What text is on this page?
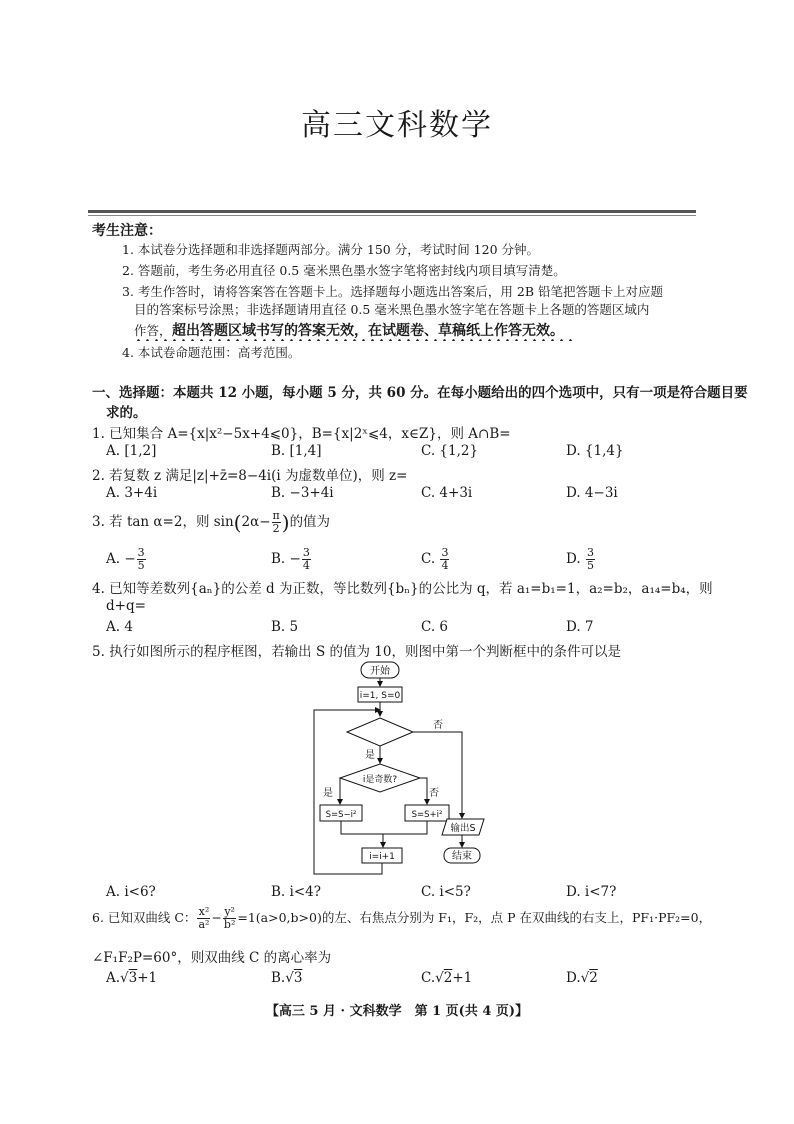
高三文科数学
考生注意：
1. 本试卷分选择题和非选择题两部分。满分 150 分，考试时间 120 分钟。
2. 答题前，考生务必用直径 0.5 毫米黑色墨水签字笔将密封线内项目填写清楚。
3. 考生作答时，请将答案答在答题卡上。选择题每小题选出答案后，用 2B 铅笔把答题卡上对应题
目的答案标号涂黑；非选择题请用直径 0.5 毫米黑色墨水签字笔在答题卡上各题的答题区域内
作答， 超出答题区域书写的答案无效，在试题卷、草稿纸上作答无效。
4. 本试卷命题范围：高考范围。
一、选择题：本题共 12 小题，每小题 5 分，共 60 分。在每小题给出的四个选项中，只有一项是符合题目要
求的。
1. 已知集合 A={x|x²−5x+4⩽0}，B={x|2ˣ⩽4，x∈Z}，则 A∩B=
A. [1,2]	B. [1,4]	C. {1,2}	D. {1,4}
2. 若复数 z 满足|z|+z̄=8−4i(i 为虚数单位)，则 z=
A. 3+4i	B. −3+4i	C. 4+3i	D. 4−3i
3. 若 tan α=2，则 $\sin(2\alpha- \frac{\pi}{2}$ )的值为
A. − $\frac{3}{5}$	B. − $\frac{3}{4}$	C. $\frac{3}{4}$	D. $\frac{3}{5}$
4. 已知等差数列{aₙ}的公差 d 为正数，等比数列{bₙ}的公比为 q，若 a₁=b₁=1，a₂=b₂，a₁₄=b₄，则
d+q=
A. 4	B. 5	C. 6	D. 7
5. 执行如图所示的程序框图，若输出 S 的值为 10，则图中第一个判断框中的条件可以是
开始
i=1, S=0
是
否
i是奇数?
是	否
S=S−i²	S=S+i²
i=i+1
输出S
结束
A. i<6?	B. i<4?	C. i<5?	D. i<7?
6. 已知双曲线 C： $\frac{\text{x²}}{\text{a²}} - \frac{\text{y²}}{\text{b²}} =1(a>0,b>0)$的左、右焦点分别为 F₁，F₂，点 P 在双曲线的右支上，PF₁·PF₂=0，
∠F₁F₂P=60°，则双曲线 C 的离心率为
A.√3+1	B.√3	C.√2+1	D.√2
【高三 5 月 · 文科数学　第 1 页(共 4 页)】
